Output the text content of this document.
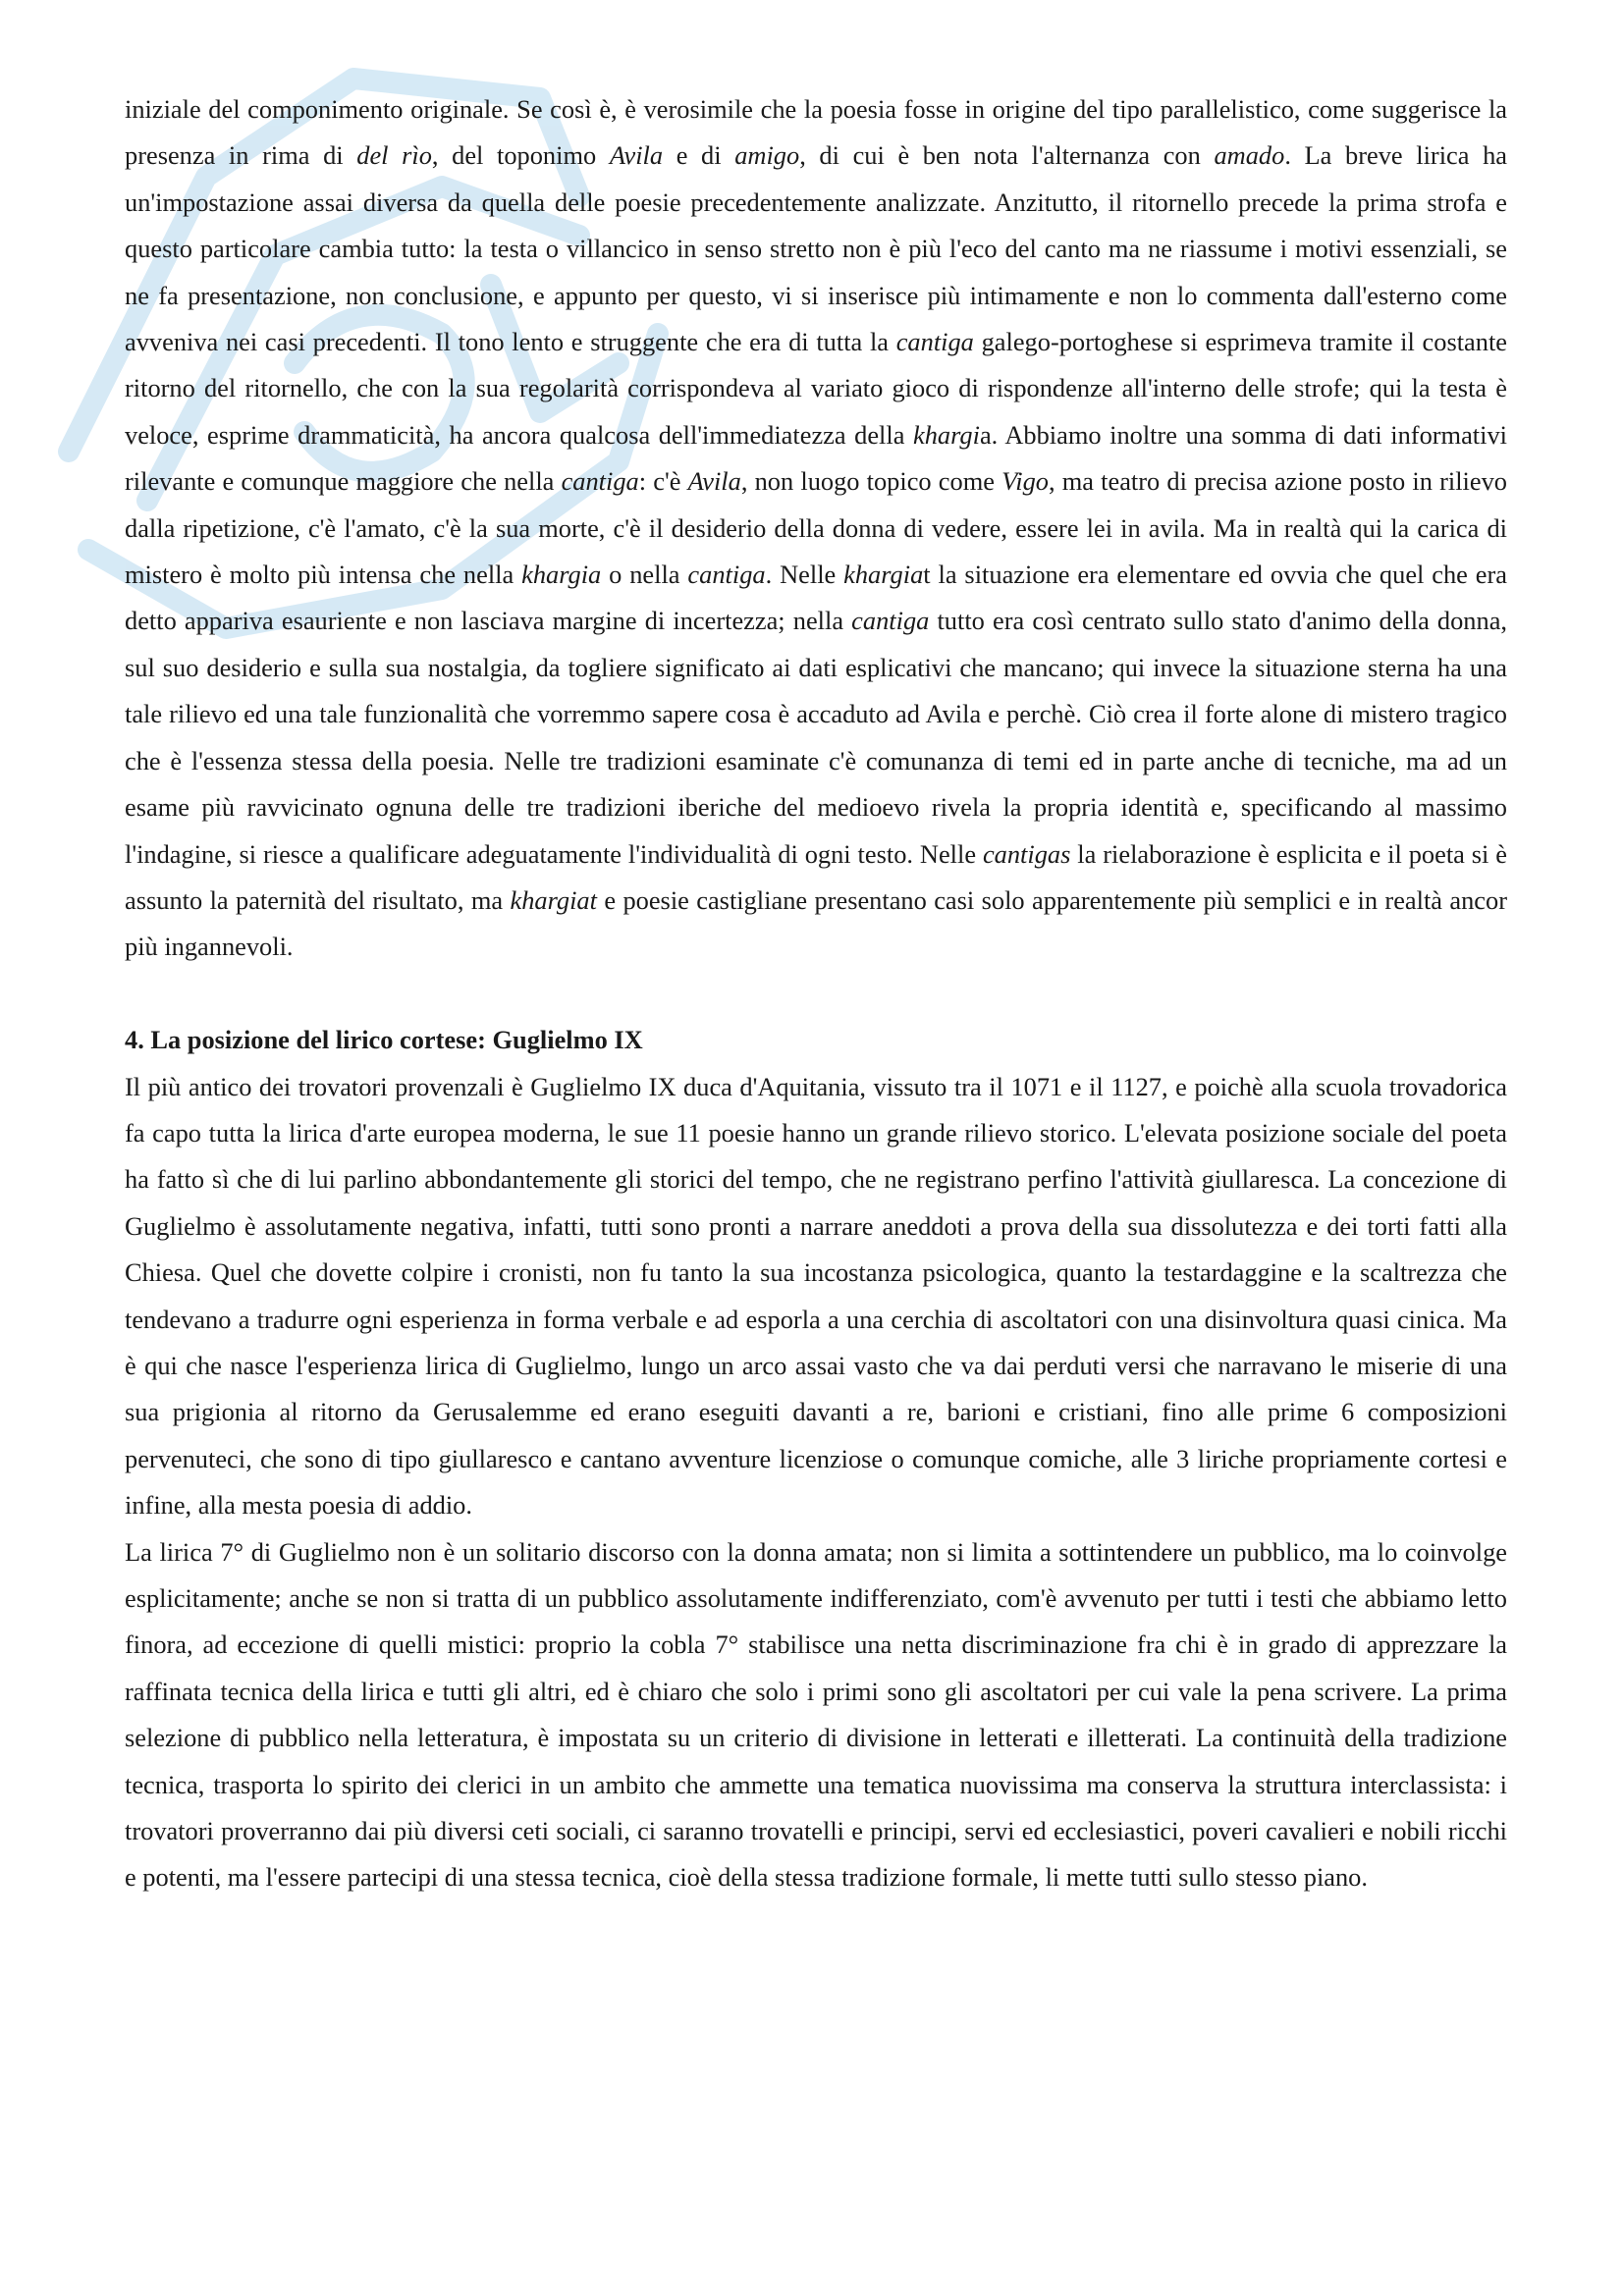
iniziale del componimento originale. Se così è, è verosimile che la poesia fosse in origine del tipo parallelistico, come suggerisce la presenza in rima di del rìo, del toponimo Avila e di amigo, di cui è ben nota l'alternanza con amado. La breve lirica ha un'impostazione assai diversa da quella delle poesie precedentemente analizzate. Anzitutto, il ritornello precede la prima strofa e questo particolare cambia tutto: la testa o villancico in senso stretto non è più l'eco del canto ma ne riassume i motivi essenziali, se ne fa presentazione, non conclusione, e appunto per questo, vi si inserisce più intimamente e non lo commenta dall'esterno come avveniva nei casi precedenti. Il tono lento e struggente che era di tutta la cantiga galego-portoghese si esprimeva tramite il costante ritorno del ritornello, che con la sua regolarità corrispondeva al variato gioco di rispondenze all'interno delle strofe; qui la testa è veloce, esprime drammaticità, ha ancora qualcosa dell'immediatezza della khargia. Abbiamo inoltre una somma di dati informativi rilevante e comunque maggiore che nella cantiga: c'è Avila, non luogo topico come Vigo, ma teatro di precisa azione posto in rilievo dalla ripetizione, c'è l'amato, c'è la sua morte, c'è il desiderio della donna di vedere, essere lei in avila. Ma in realtà qui la carica di mistero è molto più intensa che nella khargia o nella cantiga. Nelle khargiat la situazione era elementare ed ovvia che quel che era detto appariva esauriente e non lasciava margine di incertezza; nella cantiga tutto era così centrato sullo stato d'animo della donna, sul suo desiderio e sulla sua nostalgia, da togliere significato ai dati esplicativi che mancano; qui invece la situazione sterna ha una tale rilievo ed una tale funzionalità che vorremmo sapere cosa è accaduto ad Avila e perchè. Ciò crea il forte alone di mistero tragico che è l'essenza stessa della poesia. Nelle tre tradizioni esaminate c'è comunanza di temi ed in parte anche di tecniche, ma ad un esame più ravvicinato ognuna delle tre tradizioni iberiche del medioevo rivela la propria identità e, specificando al massimo l'indagine, si riesce a qualificare adeguatamente l'individualità di ogni testo. Nelle cantigas la rielaborazione è esplicita e il poeta si è assunto la paternità del risultato, ma khargiat e poesie castigliane presentano casi solo apparentemente più semplici e in realtà ancor più ingannevoli.

4. La posizione del lirico cortese: Guglielmo IX

Il più antico dei trovatori provenzali è Guglielmo IX duca d'Aquitania, vissuto tra il 1071 e il 1127, e poichè alla scuola trovadorica fa capo tutta la lirica d'arte europea moderna, le sue 11 poesie hanno un grande rilievo storico. L'elevata posizione sociale del poeta ha fatto sì che di lui parlino abbondantemente gli storici del tempo, che ne registrano perfino l'attività giullaresca. La concezione di Guglielmo è assolutamente negativa, infatti, tutti sono pronti a narrare aneddoti a prova della sua dissolutezza e dei torti fatti alla Chiesa. Quel che dovette colpire i cronisti, non fu tanto la sua incostanza psicologica, quanto la testardaggine e la scaltrezza che tendevano a tradurre ogni esperienza in forma verbale e ad esporla a una cerchia di ascoltatori con una disinvoltura quasi cinica. Ma è qui che nasce l'esperienza lirica di Guglielmo, lungo un arco assai vasto che va dai perduti versi che narravano le miserie di una sua prigionia al ritorno da Gerusalemme ed erano eseguiti davanti a re, barioni e cristiani, fino alle prime 6 composizioni pervenuteci, che sono di tipo giullaresco e cantano avventure licenziose o comunque comiche, alle 3 liriche propriamente cortesi e infine, alla mesta poesia di addio.

La lirica 7° di Guglielmo non è un solitario discorso con la donna amata; non si limita a sottintendere un pubblico, ma lo coinvolge esplicitamente; anche se non si tratta di un pubblico assolutamente indifferenziato, com'è avvenuto per tutti i testi che abbiamo letto finora, ad eccezione di quelli mistici: proprio la cobla 7° stabilisce una netta discriminazione fra chi è in grado di apprezzare la raffinata tecnica della lirica e tutti gli altri, ed è chiaro che solo i primi sono gli ascoltatori per cui vale la pena scrivere. La prima selezione di pubblico nella letteratura, è impostata su un criterio di divisione in letterati e illetterati. La continuità della tradizione tecnica, trasporta lo spirito dei clerici in un ambito che ammette una tematica nuovissima ma conserva la struttura interclassista: i trovatori proverranno dai più diversi ceti sociali, ci saranno trovatelli e principi, servi ed ecclesiastici, poveri cavalieri e nobili ricchi e potenti, ma l'essere partecipi di una stessa tecnica, cioè della stessa tradizione formale, li mette tutti sullo stesso piano.
